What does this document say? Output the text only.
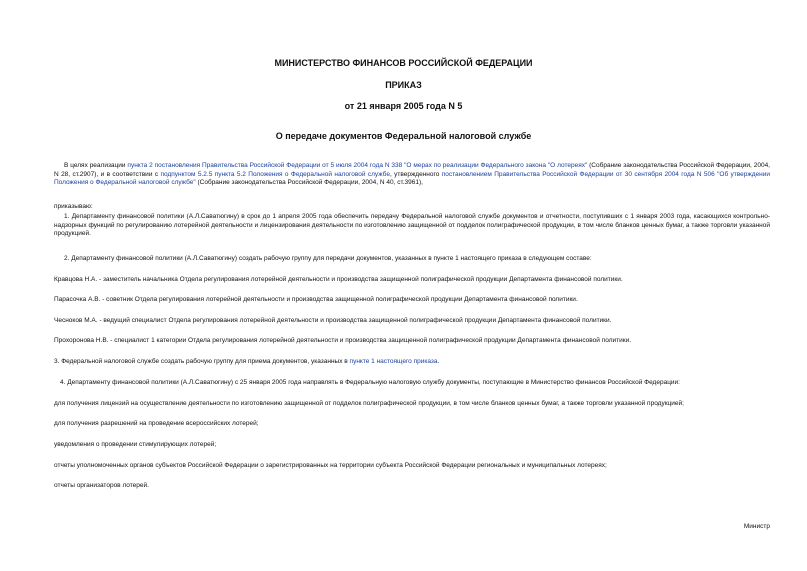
МИНИСТЕРСТВО ФИНАНСОВ РОССИЙСКОЙ ФЕДЕРАЦИИ
ПРИКАЗ
от 21 января 2005 года N 5
О передаче документов Федеральной налоговой службе
В целях реализации пункта 2 постановления Правительства Российской Федерации от 5 июля 2004 года N 338 "О мерах по реализации Федерального закона "О лотереях" (Собрание законодательства Российской Федерации, 2004, N 28, ст.2907), и в соответствии с подпунктом 5.2.5 пункта 5.2 Положения о Федеральной налоговой службе, утвержденного постановлением Правительства Российской Федерации от 30 сентября 2004 года N 506 "Об утверждении Положения о Федеральной налоговой службе" (Собрание законодательства Российской Федерации, 2004, N 40, ст.3961),
приказываю:
1. Департаменту финансовой политики (А.Л.Саватюгину) в срок до 1 апреля 2005 года обеспечить передачу Федеральной налоговой службе документов и отчетности, поступивших с 1 января 2003 года, касающихся контрольно-надзорных функций по регулированию лотерейной деятельности и лицензирования деятельности по изготовлению защищенной от подделок полиграфической продукции, в том числе бланков ценных бумаг, а также торговли указанной продукцией.
2. Департаменту финансовой политики (А.Л.Саватюгину) создать рабочую группу для передачи документов, указанных в пункте 1 настоящего приказа в следующем составе:
Кравцова Н.А. - заместитель начальника Отдела регулирования лотерейной деятельности и производства защищенной полиграфической продукции Департамента финансовой политики.
Парасочка А.В. - советник Отдела регулирования лотерейной деятельности и производства защищенной полиграфической продукции Департамента финансовой политики.
Чесноков М.А. - ведущий специалист Отдела регулирования лотерейной деятельности и производства защищенной полиграфической продукции Департамента финансовой политики.
Прохоронова Н.В. - специалист 1 категории Отдела регулирования лотерейной деятельности и производства защищенной полиграфической продукции Департамента финансовой политики.
3. Федеральной налоговой службе создать рабочую группу для приема документов, указанных в пункте 1 настоящего приказа.
4. Департаменту финансовой политики (А.Л.Саватюгину) с 25 января 2005 года направлять в Федеральную налоговую службу документы, поступающие в Министерство финансов Российской Федерации:
для получения лицензий на осуществление деятельности по изготовлению защищенной от подделок полиграфической продукции, в том числе бланков ценных бумаг, а также торговли указанной продукцией;
для получения разрешений на проведение всероссийских лотерей;
уведомления о проведении стимулирующих лотерей;
отчеты уполномоченных органов субъектов Российской Федерации о зарегистрированных на территории субъекта Российской Федерации региональных и муниципальных лотереях;
отчеты организаторов лотерей.
Министр
